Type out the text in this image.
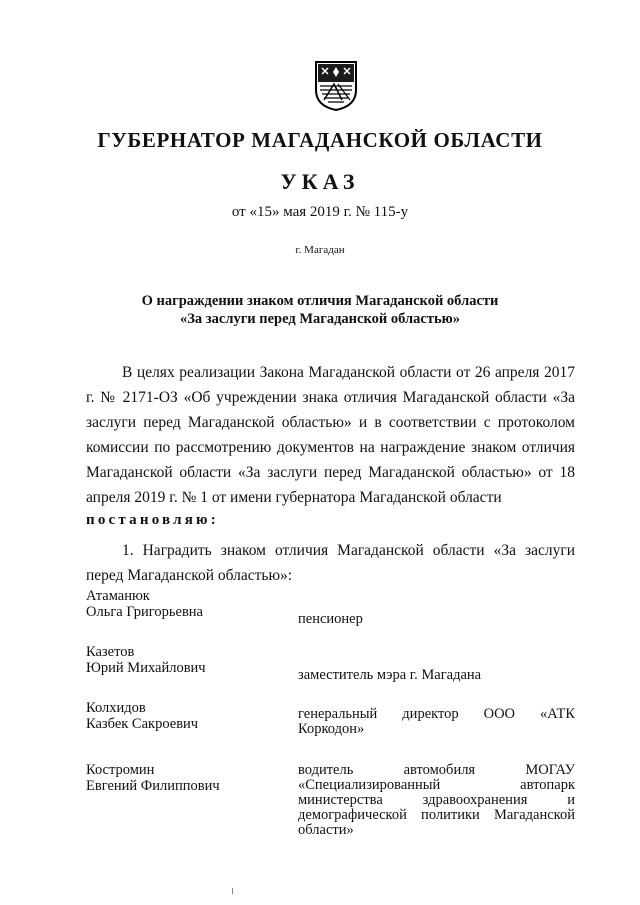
ГУБЕРНАТОР МАГАДАНСКОЙ ОБЛАСТИ
УКАЗ
от «15» мая 2019 г. № 115-у
г. Магадан
О награждении знаком отличия Магаданской области
«За заслуги перед Магаданской областью»
В целях реализации Закона Магаданской области от 26 апреля 2017 г. № 2171-ОЗ «Об учреждении знака отличия Магаданской области «За заслуги перед Магаданской областью» и в соответствии с протоколом комиссии по рассмотрению документов на награждение знаком отличия Магаданской области «За заслуги перед Магаданской областью» от 18 апреля 2019 г. № 1 от имени губернатора Магаданской области
постановляю:
1. Наградить знаком отличия Магаданской области «За заслуги перед Магаданской областью»:
Атаманюк
Ольга Григорьевна	пенсионер
Казетов
Юрий Михайлович	заместитель мэра г. Магадана
Колхидов
Казбек Сакроевич
генеральный директор ООО «АТК Коркодон»
Костромин
Евгений Филиппович
водитель автомобиля МОГАУ «Специализированный автопарк министерства здравоохранения и демографической политики Магаданской области»
